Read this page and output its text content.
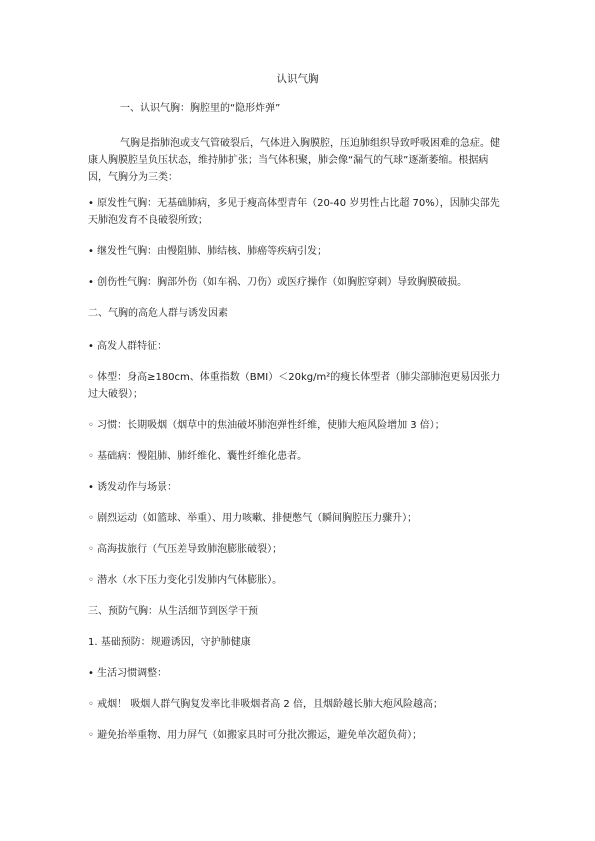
认识气胸

一、认识气胸：胸腔里的“隐形炸弹”

气胸是指肺泡或支气管破裂后，气体进入胸膜腔，压迫肺组织导致呼吸困难的急症。健康人胸膜腔呈负压状态，维持肺扩张；当气体积聚，肺会像“漏气的气球”逐渐萎缩。根据病因，气胸分为三类：

• 原发性气胸：无基础肺病，多见于瘦高体型青年（20-40 岁男性占比超 70%），因肺尖部先天肺泡发育不良破裂所致；

• 继发性气胸：由慢阻肺、肺结核、肺癌等疾病引发；

• 创伤性气胸：胸部外伤（如车祸、刀伤）或医疗操作（如胸腔穿刺）导致胸膜破损。

二、气胸的高危人群与诱发因素

• 高发人群特征：

◦ 体型：身高≥180cm、体重指数（BMI）＜20kg/m²的瘦长体型者（肺尖部肺泡更易因张力过大破裂）；

◦ 习惯：长期吸烟（烟草中的焦油破坏肺泡弹性纤维，使肺大疱风险增加 3 倍）；

◦ 基础病：慢阻肺、肺纤维化、囊性纤维化患者。

• 诱发动作与场景：

◦ 剧烈运动（如篮球、举重）、用力咳嗽、排便憋气（瞬间胸腔压力骤升）；

◦ 高海拔旅行（气压差导致肺泡膨胀破裂）；

◦ 潜水（水下压力变化引发肺内气体膨胀）。

三、预防气胸：从生活细节到医学干预

1. 基础预防：规避诱因，守护肺健康

• 生活习惯调整：

◦ 戒烟！ 吸烟人群气胸复发率比非吸烟者高 2 倍，且烟龄越长肺大疱风险越高；

◦ 避免抬举重物、用力屏气（如搬家具时可分批次搬运，避免单次超负荷）；
